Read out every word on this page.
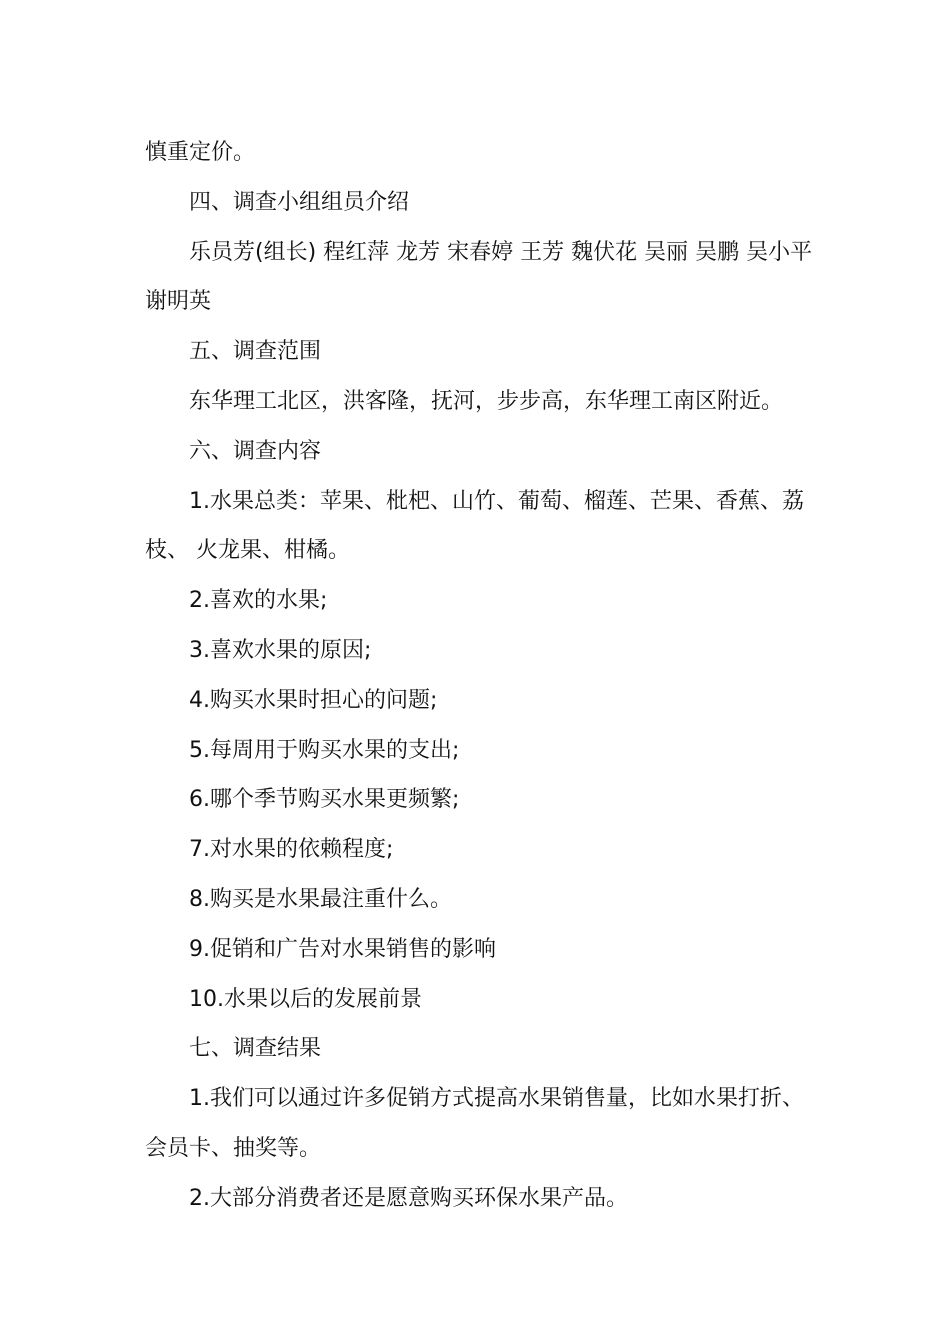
慎重定价。

四、调查小组组员介绍

乐员芳(组长) 程红萍 龙芳 宋春婷 王芳 魏伏花 吴丽 吴鹏 吴小平 谢明英

五、调查范围

东华理工北区，洪客隆，抚河，步步高，东华理工南区附近。

六、调查内容

1.水果总类：苹果、枇杷、山竹、葡萄、榴莲、芒果、香蕉、荔枝、 火龙果、柑橘。

2.喜欢的水果;

3.喜欢水果的原因;

4.购买水果时担心的问题;

5.每周用于购买水果的支出;

6.哪个季节购买水果更频繁;

7.对水果的依赖程度;

8.购买是水果最注重什么。

9.促销和广告对水果销售的影响

10.水果以后的发展前景

七、调查结果

1.我们可以通过许多促销方式提高水果销售量，比如水果打折、会员卡、抽奖等。

2.大部分消费者还是愿意购买环保水果产品。
